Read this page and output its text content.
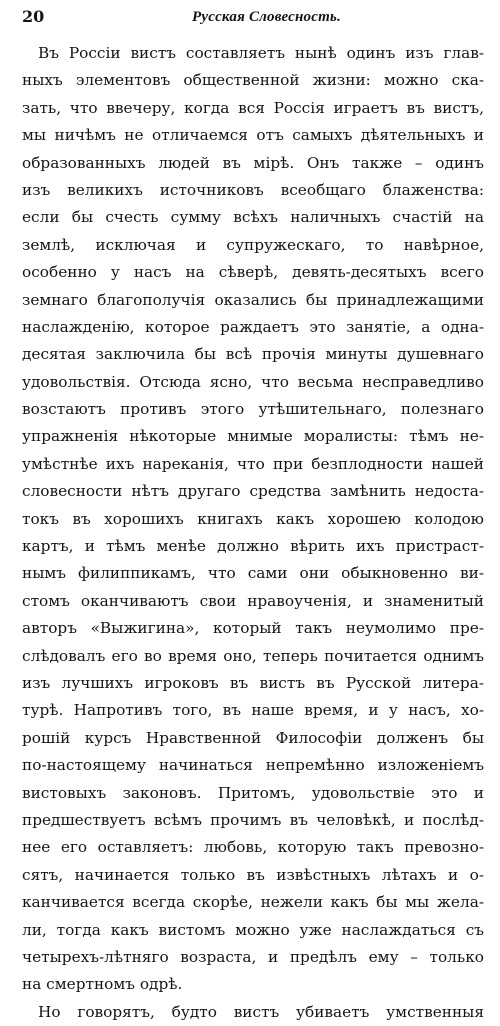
20	Русская Словесность.
Въ Россіи вистъ составляетъ нынѣ одинъ изъ глав-
ныхъ элементовъ общественной жизни: можно ска-
зать, что ввечеру, когда вся Россія играетъ въ вистъ,
мы ничѣмъ не отличаемся отъ самыхъ дѣятельныхъ и
образованныхъ людей въ мірѣ. Онъ также – одинъ
изъ великихъ источниковъ всеобщаго блаженства:
если бы счесть сумму всѣхъ наличныхъ счастій на
землѣ, исключая и супружескаго, то навѣрное,
особенно у насъ на сѣверѣ, девять-десятыхъ всего
земнаго благополучія оказались бы принадлежащими
наслажденію, которое раждаетъ это занятіе, а одна-
десятая заключила бы всѣ прочія минуты душевнаго
удовольствія. Отсюда ясно, что весьма несправедливо
возстаютъ противъ этого утѣшительнаго, полезнаго
упражненія нѣкоторые мнимые моралисты: тѣмъ не-
умѣстнѣе ихъ нареканія, что при безплодности нашей
словесности нѣтъ другаго средства замѣнить недоста-
токъ въ хорошихъ книгахъ какъ хорошею колодою
картъ, и тѣмъ менѣе должно вѣрить ихъ пристраст-
нымъ филиппикамъ, что сами они обыкновенно ви-
стомъ оканчиваютъ свои нравоученія, и знаменитый
авторъ «Выжигина», который такъ неумолимо пре-
слѣдовалъ его во время оно, теперь почитается однимъ
изъ лучшихъ игроковъ въ вистъ въ Русской литера-
турѣ. Напротивъ того, въ наше время, и у насъ, хо-
рошій курсъ Нравственной Философіи долженъ бы
по-настоящему начинаться непремѣнно изложеніемъ
вистовыхъ законовъ. Притомъ, удовольствіе это и
предшествуетъ всѣмъ прочимъ въ человѣкѣ, и послѣд-
нее его оставляетъ: любовь, которую такъ превозно-
сятъ, начинается только въ извѣстныхъ лѣтахъ и о-
канчивается всегда скорѣе, нежели какъ бы мы жела-
ли, тогда какъ вистомъ можно уже наслаждаться съ
четырехъ-лѣтняго возраста, и предѣлъ ему – только
на смертномъ одрѣ.
Но говорятъ, будто вистъ убиваетъ умственныя
